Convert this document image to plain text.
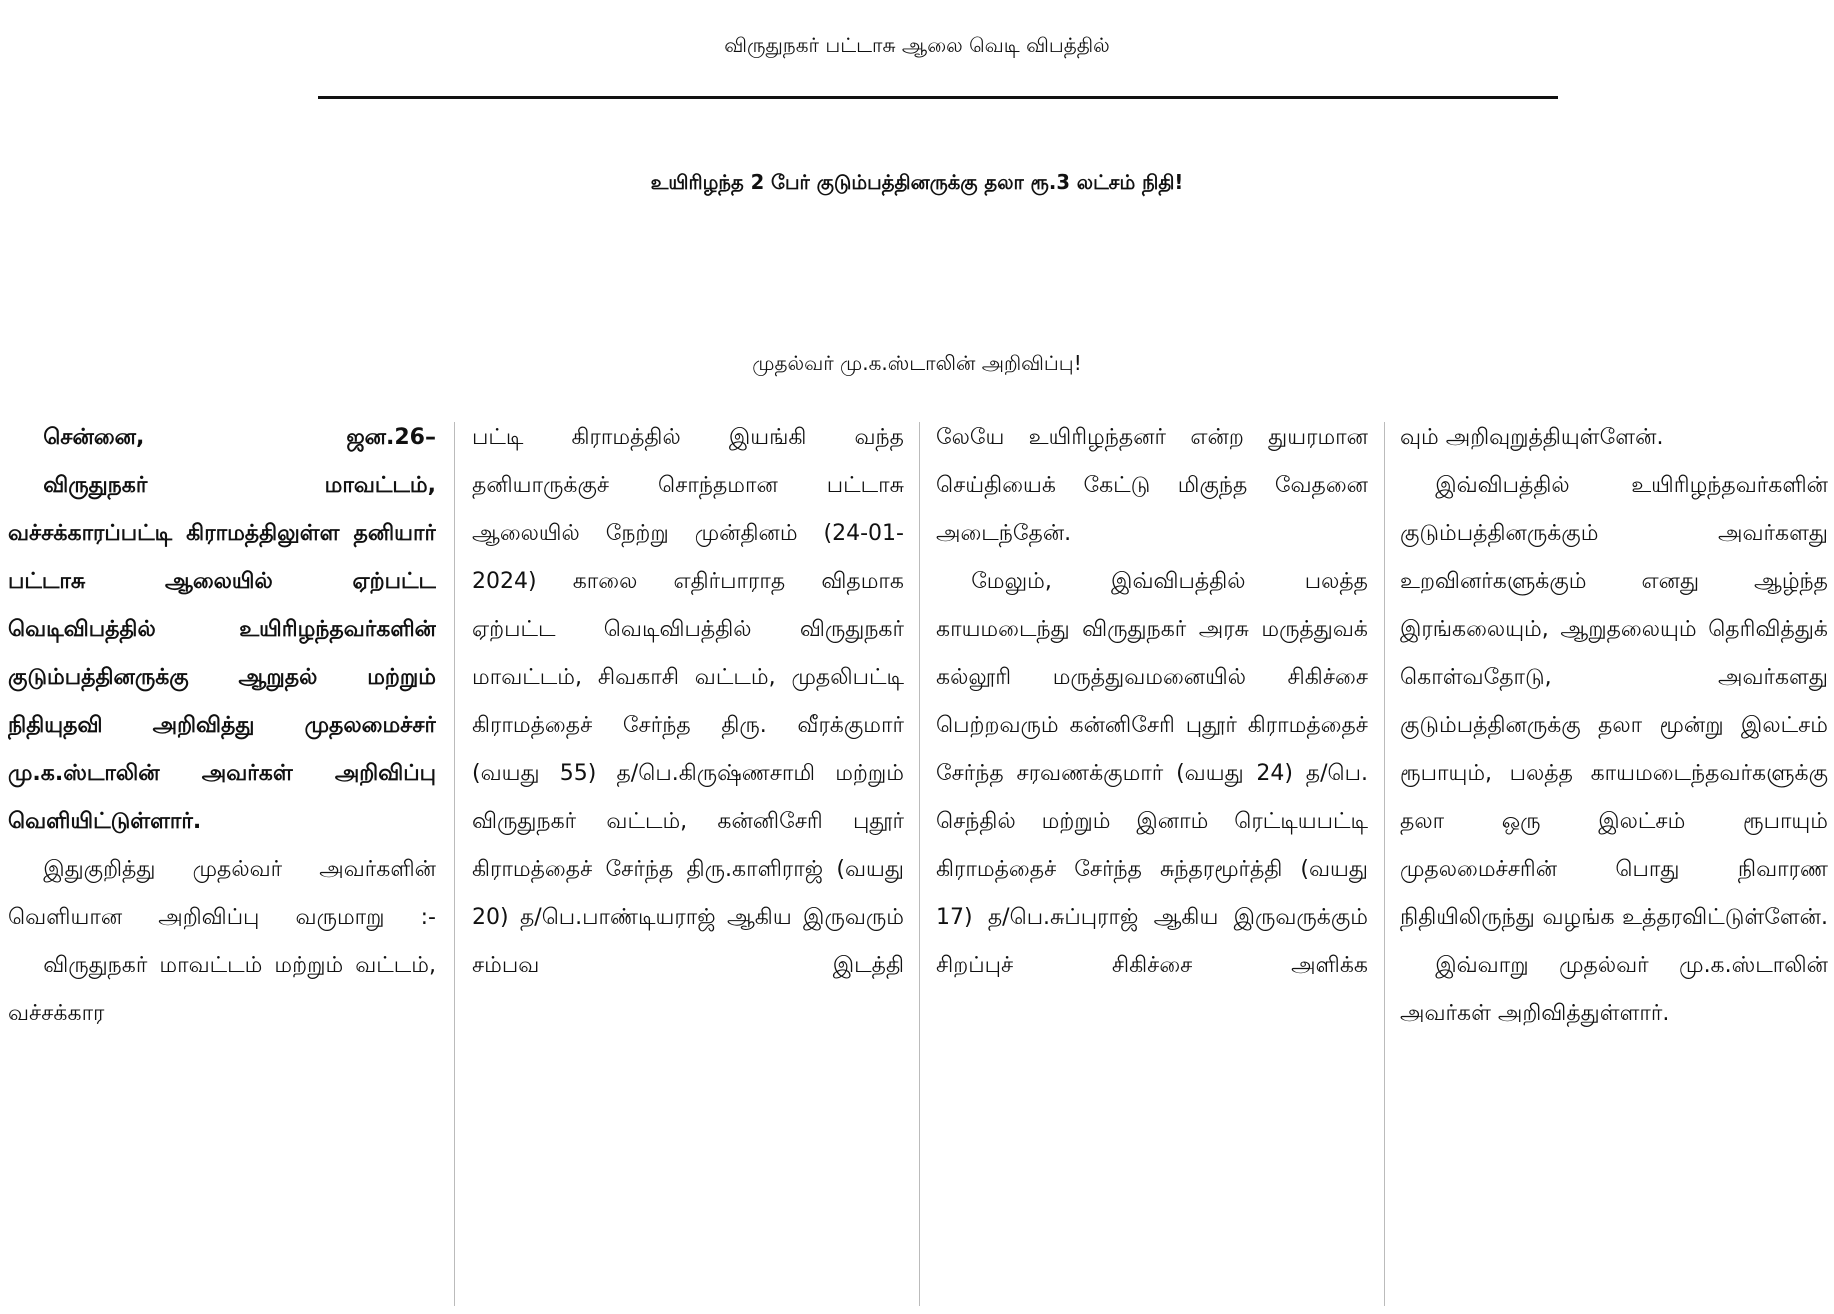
விருதுநகர் பட்டாசு ஆலை வெடி விபத்தில்
உயிரிழந்த 2 பேர் குடும்பத்தினருக்கு தலா ரூ.3 லட்சம் நிதி!
முதல்வர் மு.க.ஸ்டாலின் அறிவிப்பு!

சென்னை, ஜன.26–

விருதுநகர் மாவட்டம், வச்சக்காரப்பட்டி கிராமத்திலுள்ள தனியார் பட்டாசு ஆலையில் ஏற்பட்ட வெடிவிபத்தில் உயிரிழந்தவர்களின் குடும்பத்தினருக்கு ஆறுதல் மற்றும் நிதியுதவி அறிவித்து முதலமைச்சர் மு.க.ஸ்டாலின் அவர்கள் அறிவிப்பு வெளியிட்டுள்ளார்.

இதுகுறித்து முதல்வர் அவர்களின் வெளியான அறிவிப்பு வருமாறு :-

விருதுநகர் மாவட்டம் மற்றும் வட்டம், வச்சக்கார

பட்டி கிராமத்தில் இயங்கி வந்த தனியாருக்குச் சொந்தமான பட்டாசு ஆலையில் நேற்று முன்தினம் (24-01-2024) காலை எதிர்பாராத விதமாக ஏற்பட்ட வெடிவிபத்தில் விருதுநகர் மாவட்டம், சிவகாசி வட்டம், முதலிபட்டி கிராமத்தைச் சேர்ந்த திரு. வீரக்குமார் (வயது 55) த/பெ.கிருஷ்ணசாமி மற்றும் விருதுநகர் வட்டம், கன்னிசேரி புதூர் கிராமத்தைச் சேர்ந்த திரு.காளிராஜ் (வயது 20) த/பெ.பாண்டியராஜ் ஆகிய இருவரும் சம்பவ இடத்தி

லேயே உயிரிழந்தனர் என்ற துயரமான செய்தியைக் கேட்டு மிகுந்த வேதனை அடைந்தேன்.

மேலும், இவ்விபத்தில் பலத்த காயமடைந்து விருதுநகர் அரசு மருத்துவக் கல்லூரி மருத்துவமனையில் சிகிச்சை பெற்றவரும் கன்னிசேரி புதூர் கிராமத்தைச் சேர்ந்த சரவணக்குமார் (வயது 24) த/பெ. செந்தில் மற்றும் இனாம் ரெட்டியபட்டி கிராமத்தைச் சேர்ந்த சுந்தரமூர்த்தி (வயது 17) த/பெ.சுப்புராஜ் ஆகிய இருவருக்கும் சிறப்புச் சிகிச்சை அளிக்க

வும் அறிவுறுத்தியுள்ளேன்.

இவ்விபத்தில் உயிரிழந்தவர்களின் குடும்பத்தினருக்கும் அவர்களது உறவினர்களுக்கும் எனது ஆழ்ந்த இரங்கலையும், ஆறுதலையும் தெரிவித்துக் கொள்வதோடு, அவர்களது குடும்பத்தினருக்கு தலா மூன்று இலட்சம் ரூபாயும், பலத்த காயமடைந்தவர்களுக்கு தலா ஒரு இலட்சம் ரூபாயும் முதலமைச்சரின் பொது நிவாரண நிதியிலிருந்து வழங்க உத்தரவிட்டுள்ளேன்.

இவ்வாறு முதல்வர் மு.க.ஸ்டாலின் அவர்கள் அறிவித்துள்ளார்.
